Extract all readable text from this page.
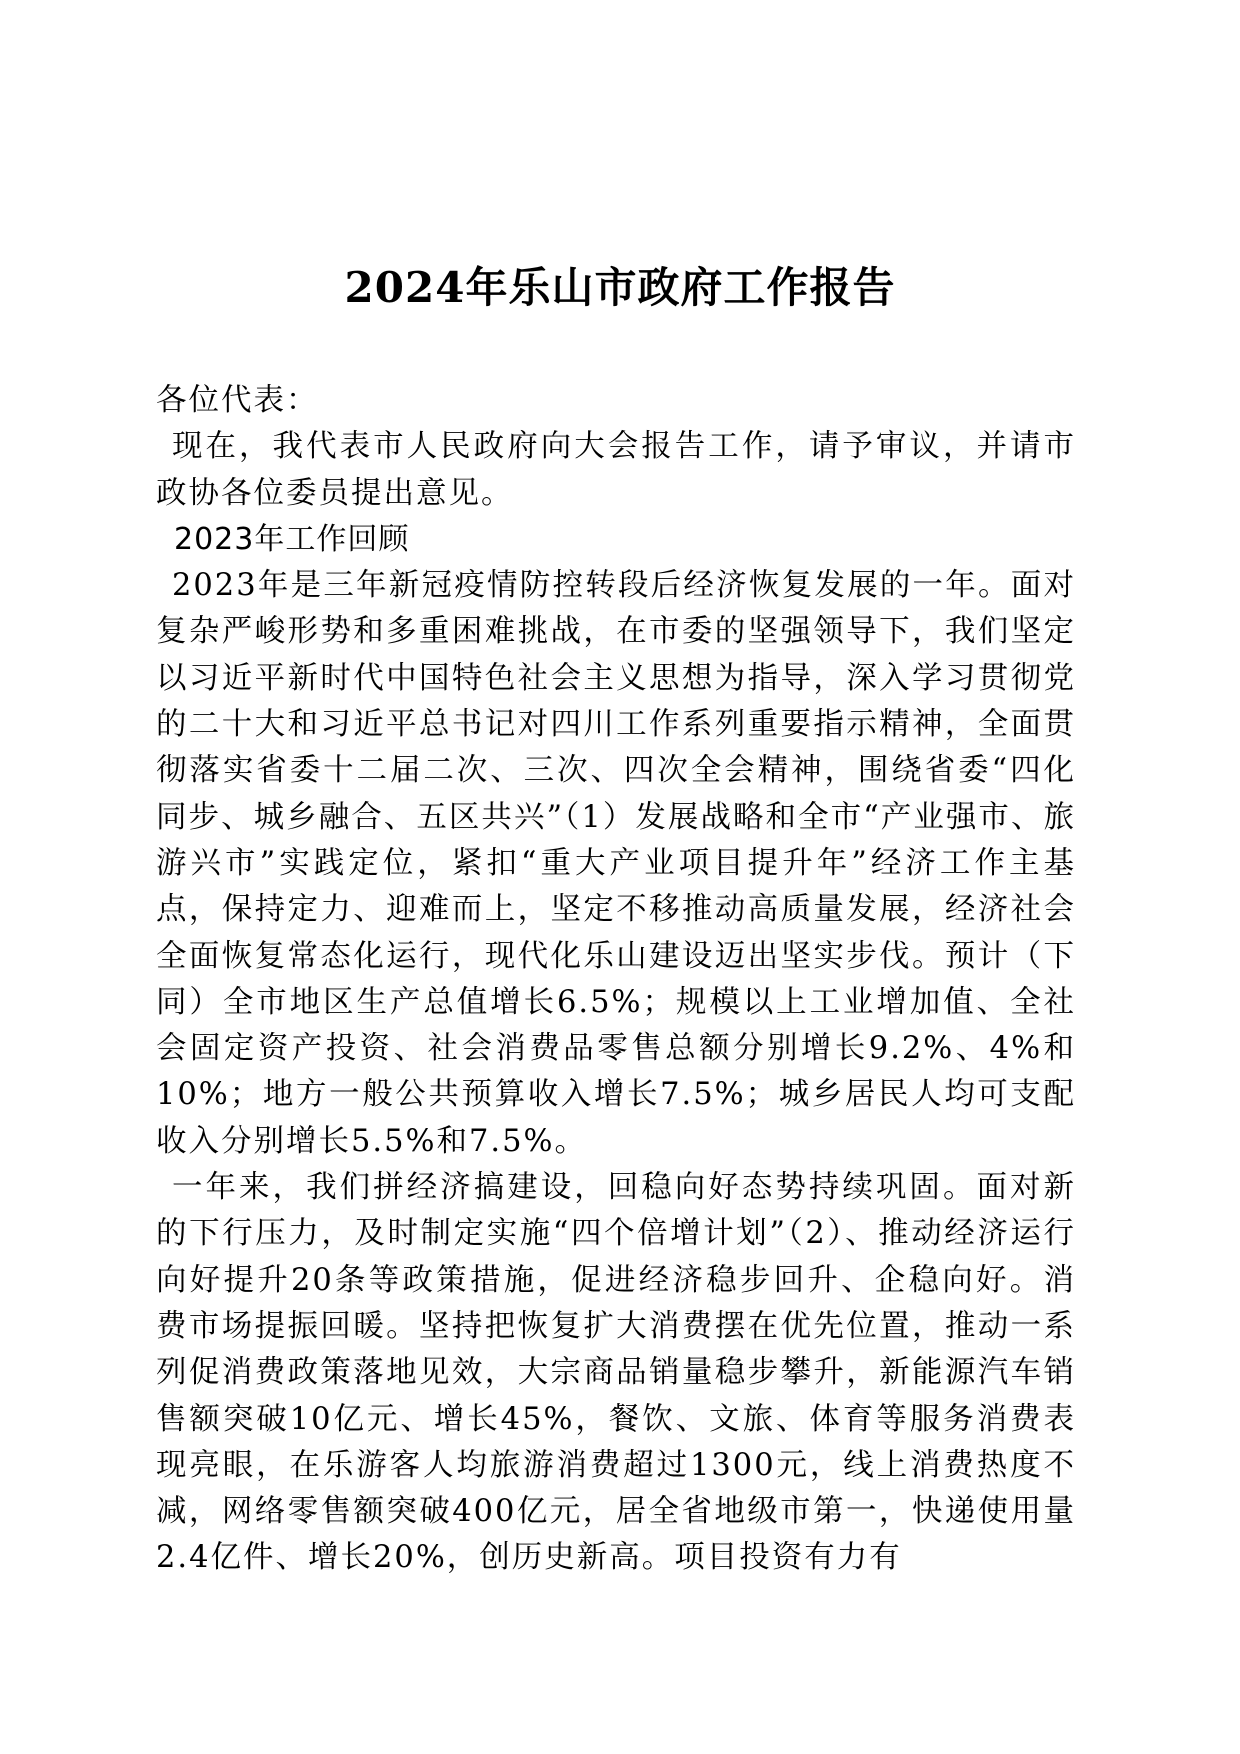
2024年乐山市政府工作报告

各位代表：

现在，我代表市人民政府向大会报告工作，请予审议，并请市政协各位委员提出意见。

2023年工作回顾

2023年是三年新冠疫情防控转段后经济恢复发展的一年。面对复杂严峻形势和多重困难挑战，在市委的坚强领导下，我们坚定以习近平新时代中国特色社会主义思想为指导，深入学习贯彻党的二十大和习近平总书记对四川工作系列重要指示精神，全面贯彻落实省委十二届二次、三次、四次全会精神，围绕省委“四化同步、城乡融合、五区共兴”（1）发展战略和全市“产业强市、旅游兴市”实践定位，紧扣“重大产业项目提升年”经济工作主基点，保持定力、迎难而上，坚定不移推动高质量发展，经济社会全面恢复常态化运行，现代化乐山建设迈出坚实步伐。预计（下同）全市地区生产总值增长6.5%；规模以上工业增加值、全社会固定资产投资、社会消费品零售总额分别增长9.2%、4%和10%；地方一般公共预算收入增长7.5%；城乡居民人均可支配收入分别增长5.5%和7.5%。

一年来，我们拼经济搞建设，回稳向好态势持续巩固。面对新的下行压力，及时制定实施“四个倍增计划”（2）、推动经济运行向好提升20条等政策措施，促进经济稳步回升、企稳向好。消费市场提振回暖。坚持把恢复扩大消费摆在优先位置，推动一系列促消费政策落地见效，大宗商品销量稳步攀升，新能源汽车销售额突破10亿元、增长45%，餐饮、文旅、体育等服务消费表现亮眼，在乐游客人均旅游消费超过1300元，线上消费热度不减，网络零售额突破400亿元，居全省地级市第一，快递使用量2.4亿件、增长20%，创历史新高。项目投资有力有
